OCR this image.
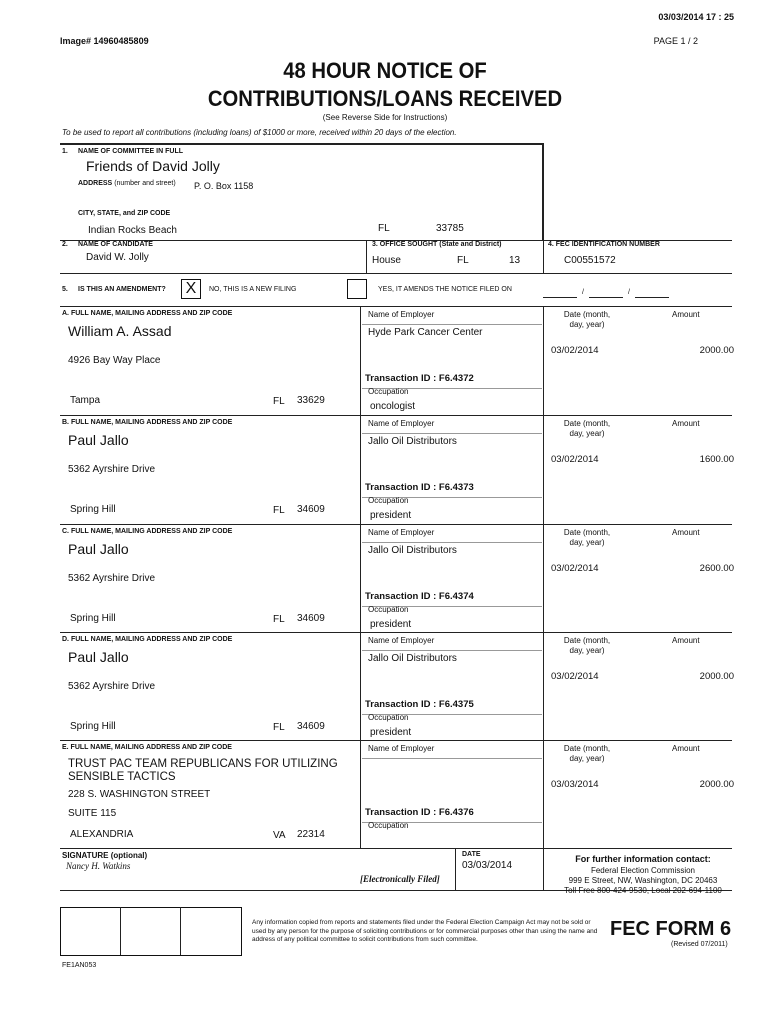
03/03/2014 17 : 25
Image# 14960485809	PAGE 1 / 2
48 HOUR NOTICE OF
CONTRIBUTIONS/LOANS RECEIVED
(See Reverse Side for Instructions)
To be used to report all contributions (including loans) of $1000 or more, received within 20 days of the election.
1. NAME OF COMMITTEE IN FULL
Friends of David Jolly
ADDRESS (number and street) P. O. Box 1158
CITY, STATE, and ZIP CODE
Indian Rocks Beach	FL	33785
2. NAME OF CANDIDATE
David W. Jolly
3. OFFICE SOUGHT (State and District)
House	FL	13
4. FEC IDENTIFICATION NUMBER
C00551572
5. IS THIS AN AMENDMENT? X	NO, THIS IS A NEW FILING	YES, IT AMENDS THE NOTICE FILED ON	/	/
A. FULL NAME, MAILING ADDRESS AND ZIP CODE
William A. Assad
4926 Bay Way Place
Tampa	FL 33629
Name of Employer
Hyde Park Cancer Center
Transaction ID : F6.4372
Occupation
oncologist
Date (month,
day, year)
Amount
03/02/2014	2000.00
B. FULL NAME, MAILING ADDRESS AND ZIP CODE
Paul Jallo
5362 Ayrshire Drive
Spring Hill	FL 34609
Name of Employer
Jallo Oil Distributors
Transaction ID : F6.4373
Occupation
president
Date (month,
day, year)
Amount
03/02/2014	1600.00
C. FULL NAME, MAILING ADDRESS AND ZIP CODE
Paul Jallo
5362 Ayrshire Drive
Spring Hill	FL 34609
Name of Employer
Jallo Oil Distributors
Transaction ID : F6.4374
Occupation
president
Date (month,
day, year)
Amount
03/02/2014	2600.00
D. FULL NAME, MAILING ADDRESS AND ZIP CODE
Paul Jallo
5362 Ayrshire Drive
Spring Hill	FL 34609
Name of Employer
Jallo Oil Distributors
Transaction ID : F6.4375
Occupation
president
Date (month,
day, year)
Amount
03/02/2014	2000.00
E. FULL NAME, MAILING ADDRESS AND ZIP CODE
TRUST PAC TEAM REPUBLICANS FOR UTILIZING SENSIBLE TACTICS
228 S. WASHINGTON STREET
SUITE 115
ALEXANDRIA	VA 22314
Name of Employer
Transaction ID : F6.4376
Occupation
Date (month,
day, year)
Amount
03/03/2014	2000.00
SIGNATURE (optional)
Nancy H. Watkins
[Electronically Filed]
DATE
03/03/2014
For further information contact:
Federal Election Commission
999 E Street, NW, Washington, DC 20463
Toll Free 800-424-9530, Local 202-694-1100
Any information copied from reports and statements filed under the Federal Election Campaign Act may not be sold or used by any person for the purpose of soliciting contributions or for commercial purposes other than using the name and address of any political committee to solicit contributions from such committee.	FEC FORM 6
(Revised 07/2011)
FE1AN053
